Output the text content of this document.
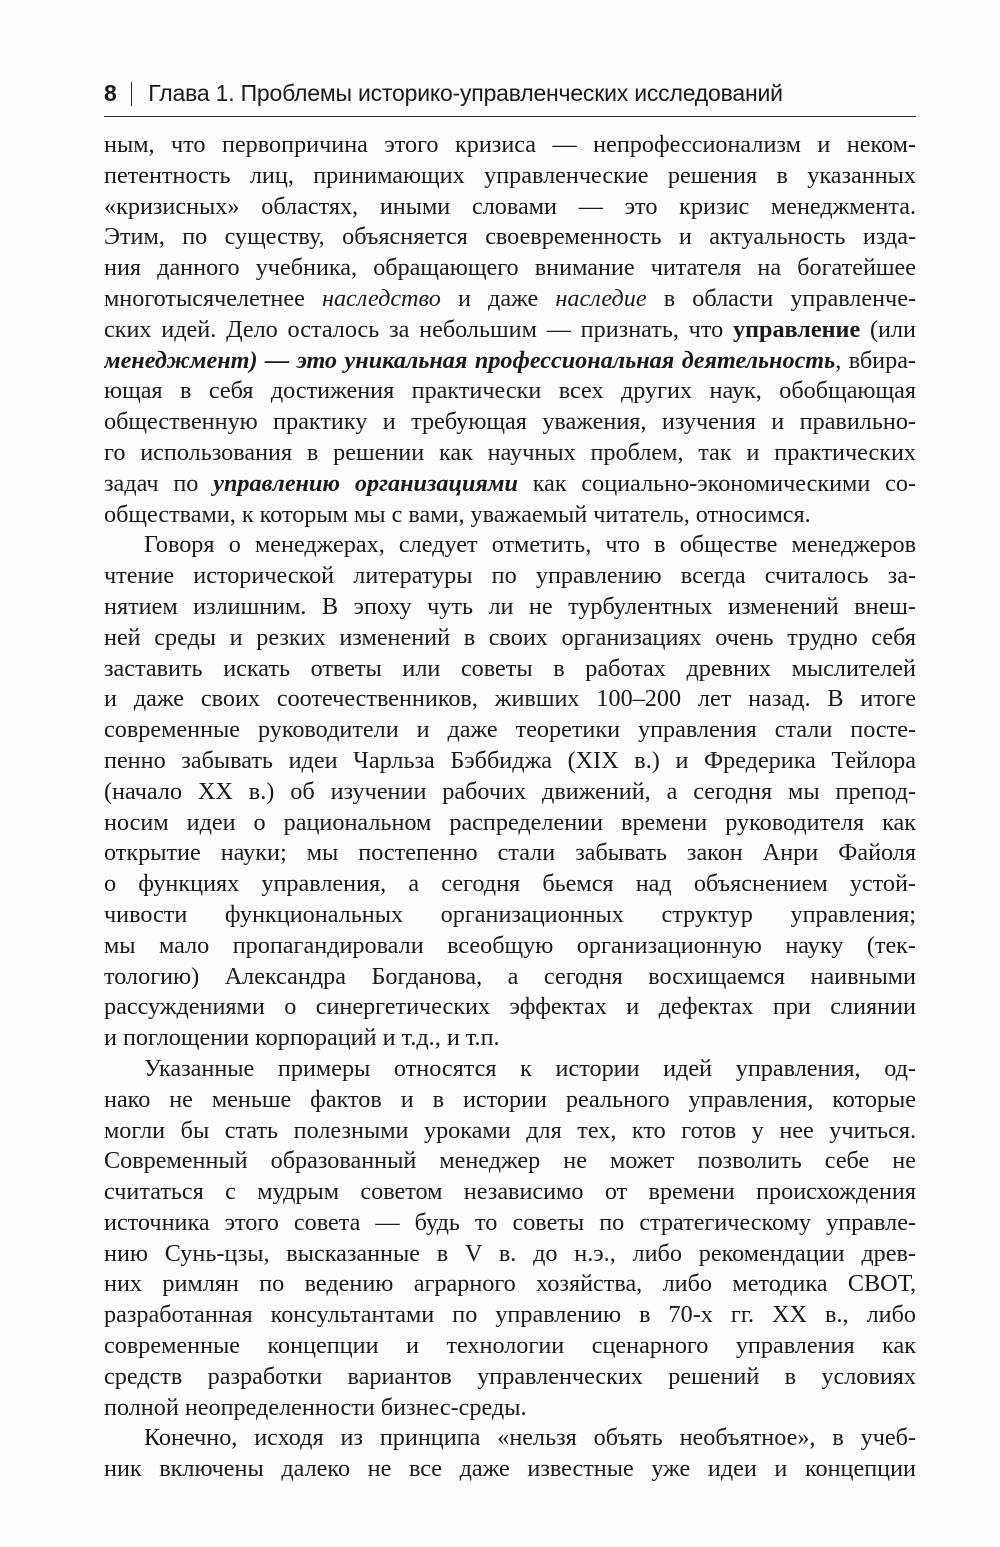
8 Глава 1. Проблемы историко-управленческих исследований
ным, что первопричина этого кризиса — непрофессионализм и неком-
петентность лиц, принимающих управленческие решения в указанных
«кризисных» областях, иными словами — это кризис менеджмента.
Этим, по существу, объясняется своевременность и актуальность изда-
ния данного учебника, обращающего внимание читателя на богатейшее
многотысячелетнее наследство и даже наследие в области управленче-
ских идей. Дело осталось за небольшим — признать, что управление (или
менеджмент) — это уникальная профессиональная деятельность, вбира-
ющая в себя достижения практически всех других наук, обобщающая
общественную практику и требующая уважения, изучения и правильно-
го использования в решении как научных проблем, так и практических
задач по управлению организациями как социально-экономическими со-
обществами, к которым мы с вами, уважаемый читатель, относимся.
Говоря о менеджерах, следует отметить, что в обществе менеджеров
чтение исторической литературы по управлению всегда считалось за-
нятием излишним. В эпоху чуть ли не турбулентных изменений внеш-
ней среды и резких изменений в своих организациях очень трудно себя
заставить искать ответы или советы в работах древних мыслителей
и даже своих соотечественников, живших 100–200 лет назад. В итоге
современные руководители и даже теоретики управления стали посте-
пенно забывать идеи Чарльза Бэббиджа (XIX в.) и Фредерика Тейлора
(начало XX в.) об изучении рабочих движений, а сегодня мы препод-
носим идеи о рациональном распределении времени руководителя как
открытие науки; мы постепенно стали забывать закон Анри Файоля
о функциях управления, а сегодня бьемся над объяснением устой-
чивости функциональных организационных структур управления;
мы мало пропагандировали всеобщую организационную науку (тек-
тологию) Александра Богданова, а сегодня восхищаемся наивными
рассуждениями о синергетических эффектах и дефектах при слиянии
и поглощении корпораций и т.д., и т.п.
Указанные примеры относятся к истории идей управления, од-
нако не меньше фактов и в истории реального управления, которые
могли бы стать полезными уроками для тех, кто готов у нее учиться.
Современный образованный менеджер не может позволить себе не
считаться с мудрым советом независимо от времени происхождения
источника этого совета — будь то советы по стратегическому управле-
нию Сунь-цзы, высказанные в V в. до н.э., либо рекомендации древ-
них римлян по ведению аграрного хозяйства, либо методика СВОТ,
разработанная консультантами по управлению в 70-х гг. XX в., либо
современные концепции и технологии сценарного управления как
средств разработки вариантов управленческих решений в условиях
полной неопределенности бизнес-среды.
Конечно, исходя из принципа «нельзя объять необъятное», в учеб-
ник включены далеко не все даже известные уже идеи и концепции
